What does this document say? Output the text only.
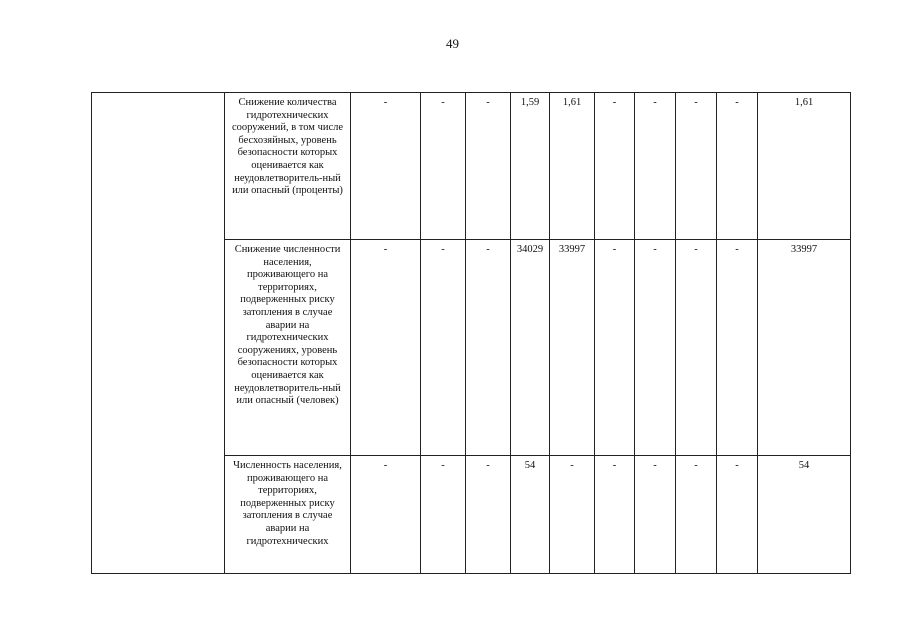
49
	Снижение количества гидротехнических сооружений, в том числе бесхозяйных, уровень безопасности которых оценивается как неудовлетворитель-ный или опасный (проценты)	-	-	-	1,59	1,61	-	-	-	-	1,61
	Снижение численности населения, проживающего на территориях, подверженных риску затопления в случае аварии на гидротехнических сооружениях, уровень безопасности которых оценивается как неудовлетворитель-ный или опасный (человек)	-	-	-	34029	33997	-	-	-	-	33997

	Численность населения, проживающего на территориях, подверженных риску затопления в случае аварии на гидротехнических	-	-	-	54	-	-	-	-	-	54
